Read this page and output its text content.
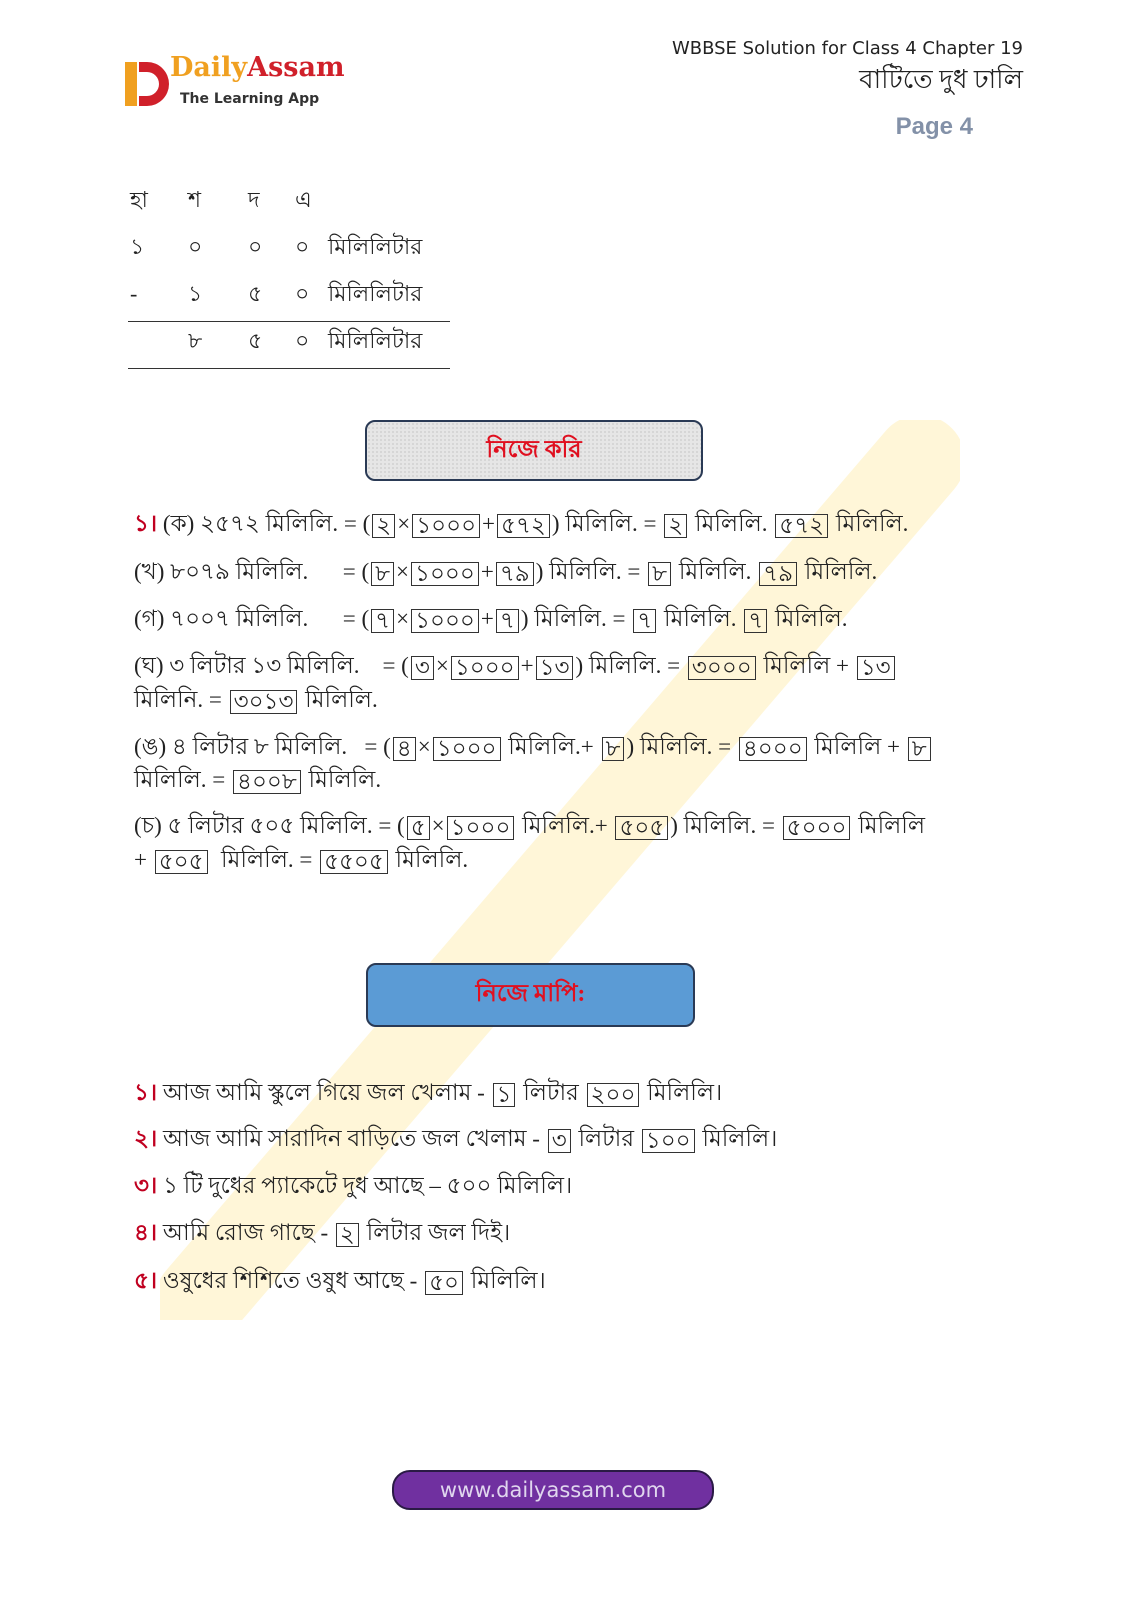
DailyAssam
The Learning App
WBBSE Solution for Class 4 Chapter 19
বাটিতে দুধ ঢালি
Page 4
হা শ দ এ
১ ০ ০ ০ মিলিলিটার
- ১ ৫ ০ মিলিলিটার
৮ ৫ ০ মিলিলিটার
নিজে করি
১। (ক) ২৫৭২ মিলিলি. = ( ২ × ১০০০ + ৫৭২ ) মিলিলি. = ২ মিলিলি. ৫৭২ মিলিলি.
(খ) ৮০৭৯ মিলিলি.      = ( ৮ × ১০০০ + ৭৯ ) মিলিলি. = ৮ মিলিলি. ৭৯ মিলিলি.
(গ) ৭০০৭ মিলিলি.      = ( ৭ × ১০০০ + ৭ ) মিলিলি. = ৭ মিলিলি. ৭ মিলিলি.
(ঘ) ৩ লিটার ১৩ মিলিলি.    = ( ৩ × ১০০০ + ১৩ ) মিলিলি. = ৩০০০ মিলিলি + ১৩
মিলিনি. = ৩০১৩ মিলিলি.
(ঙ) ৪ লিটার ৮ মিলিলি.   = ( ৪ × ১০০০ মিলিলি.+ ৮ ) মিলিলি. = ৪০০০ মিলিলি + ৮
মিলিলি. = ৪০০৮ মিলিলি.
(চ) ৫ লিটার ৫০৫ মিলিলি. = ( ৫ × ১০০০ মিলিলি.+ ৫০৫ ) মিলিলি. = ৫০০০ মিলিলি
+ ৫০৫  মিলিলি. = ৫৫০৫ মিলিলি.
নিজে মাপি:
১। আজ আমি স্কুলে গিয়ে জল খেলাম - ১ লিটার ২০০ মিলিলি।
২। আজ আমি সারাদিন বাড়িতে জল খেলাম - ৩ লিটার ১০০ মিলিলি।
৩। ১ টি দুধের প্যাকেটে দুধ আছে – ৫০০ মিলিলি।
৪। আমি রোজ গাছে - ২ লিটার জল দিই।
৫। ওষুধের শিশিতে ওষুধ আছে - ৫০ মিলিলি।
www.dailyassam.com
